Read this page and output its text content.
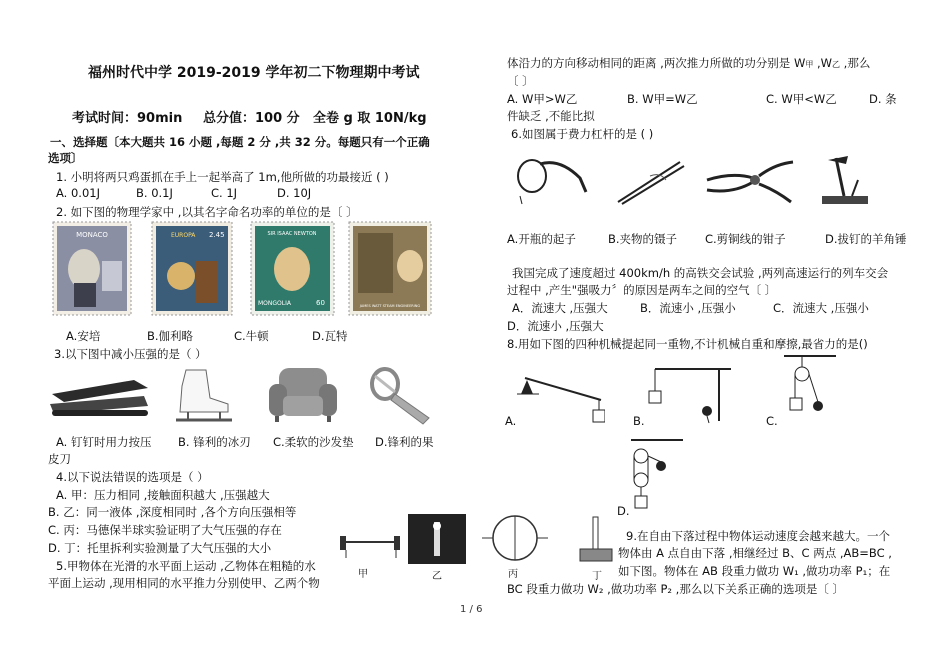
福州时代中学 2019-2019 学年初二下物理期中考试
考试时间：90min 总分值：100 分 全卷 g 取 10N/kg
一、选择题〔本大题共 16 小题 ,每题 2 分 ,共 32 分。每题只有一个正确
选项〕
1. 小明将两只鸡蛋抓在手上一起举高了 1m,他所做的功最接近 ( )
A. 0.01J	B. 0.1J	C. 1J	D. 10J
2. 如下图的物理学家中 ,以其名字命名功率的单位的是〔 〕
MONACO	EUROPA 2.45	SIR ISAAC NEWTON
MONGOLIA	60	JAMES WATT STEAM ENGINEERING
A.安培	B.伽利略	C.牛顿	D.瓦特
3.以下图中减小压强的是（ ）
A. 钉钉时用力按压 B. 锋利的冰刃 C.柔软的沙发垫 D.锋利的果
皮刀
4.以下说法错误的选项是（ ）
A. 甲：压力相同 ,接触面积越大 ,压强越大
B. 乙：同一液体 ,深度相同时 ,各个方向压强相等
C. 丙：马德保半球实验证明了大气压强的存在
D. 丁：托里拆利实验测量了大气压强的大小
5.甲物体在光滑的水平面上运动 ,乙物体在粗糙的水
平面上运动 ,现用相同的水平推力分别使甲、乙两个物
甲	乙	丙	丁
体沿力的方向移动相同的距离 ,两次推力所做的功分别是 W甲 ,W乙 ,那么
〔 〕
A. W甲>W乙	B. W甲=W乙	C. W甲<W乙	D. 条
件缺乏 ,不能比拟
6.如图属于费力杠杆的是 ( )
A.开瓶的起子	B.夹物的镊子 C.剪铜线的钳子	D.拔钉的羊角锤
我国完成了速度超过 400km/h 的高铁交会试验 ,两列高速运行的列车交会
过程中 ,产生"强吸力〞的原因是两车之间的空气〔 〕
A．流速大 ,压强大	B．流速小 ,压强小	C．流速大 ,压强小
D．流速小 ,压强大
8.用如下图的四种机械提起同一重物,不计机械自重和摩擦,最省力的是()
A.	B.	C.
D.
9.在自由下落过程中物体运动速度会越来越大。一个
物体由 A 点自由下落 ,相继经过 B、C 两点 ,AB=BC ,
如下图。物体在 AB 段重力做功 W₁ ,做功功率 P₁；在
BC 段重力做功 W₂ ,做功功率 P₂ ,那么以下关系正确的选项是〔 〕
1 / 6
